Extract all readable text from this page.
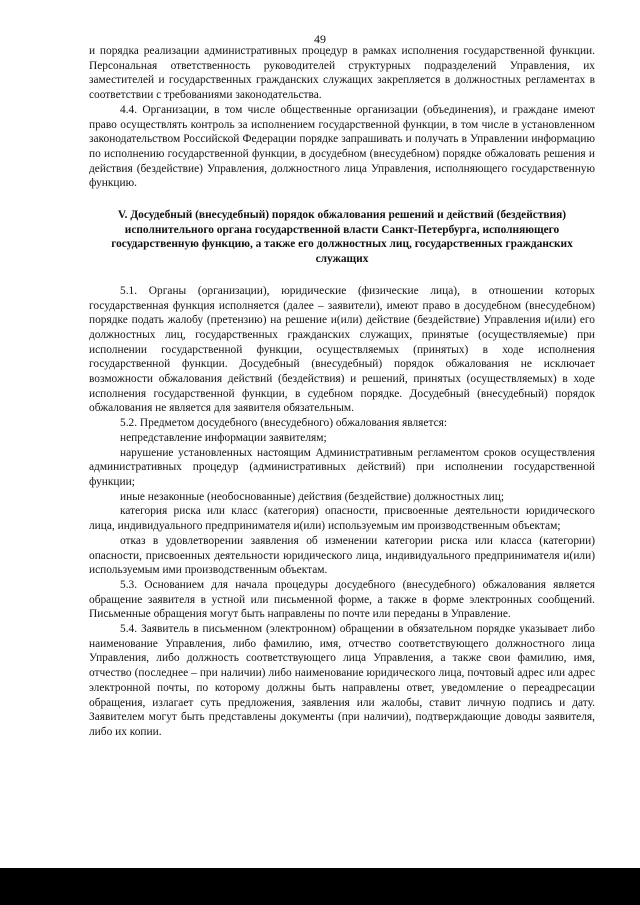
49

и порядка реализации административных процедур в рамках исполнения государственной функции. Персональная ответственность руководителей структурных подразделений Управления, их заместителей и государственных гражданских служащих закрепляется в должностных регламентах в соответствии с требованиями законодательства.

4.4. Организации, в том числе общественные организации (объединения), и граждане имеют право осуществлять контроль за исполнением государственной функции, в том числе в установленном законодательством Российской Федерации порядке запрашивать и получать в Управлении информацию по исполнению государственной функции, в досудебном (внесудебном) порядке обжаловать решения и действия (бездействие) Управления, должностного лица Управления, исполняющего государственную функцию.

V. Досудебный (внесудебный) порядок обжалования решений и действий (бездействия) исполнительного органа государственной власти Санкт-Петербурга, исполняющего государственную функцию, а также его должностных лиц, государственных гражданских служащих

5.1. Органы (организации), юридические (физические лица), в отношении которых государственная функция исполняется (далее – заявители), имеют право в досудебном (внесудебном) порядке подать жалобу (претензию) на решение и(или) действие (бездействие) Управления и(или) его должностных лиц, государственных гражданских служащих, принятые (осуществляемые) при исполнении государственной функции, осуществляемых (принятых) в ходе исполнения государственной функции. Досудебный (внесудебный) порядок обжалования не исключает возможности обжалования действий (бездействия) и решений, принятых (осуществляемых) в ходе исполнения государственной функции, в судебном порядке. Досудебный (внесудебный) порядок обжалования не является для заявителя обязательным.

5.2. Предметом досудебного (внесудебного) обжалования является:

непредставление информации заявителям;

нарушение установленных настоящим Административным регламентом сроков осуществления административных процедур (административных действий) при исполнении государственной функции;

иные незаконные (необоснованные) действия (бездействие) должностных лиц;

категория риска или класс (категория) опасности, присвоенные деятельности юридического лица, индивидуального предпринимателя и(или) используемым им производственным объектам;

отказ в удовлетворении заявления об изменении категории риска или класса (категории) опасности, присвоенных деятельности юридического лица, индивидуального предпринимателя и(или) используемым ими производственным объектам.

5.3. Основанием для начала процедуры досудебного (внесудебного) обжалования является обращение заявителя в устной или письменной форме, а также в форме электронных сообщений. Письменные обращения могут быть направлены по почте или переданы в Управление.

5.4. Заявитель в письменном (электронном) обращении в обязательном порядке указывает либо наименование Управления, либо фамилию, имя, отчество соответствующего должностного лица Управления, либо должность соответствующего лица Управления, а также свои фамилию, имя, отчество (последнее – при наличии) либо наименование юридического лица, почтовый адрес или адрес электронной почты, по которому должны быть направлены ответ, уведомление о переадресации обращения, излагает суть предложения, заявления или жалобы, ставит личную подпись и дату. Заявителем могут быть представлены документы (при наличии), подтверждающие доводы заявителя, либо их копии.
